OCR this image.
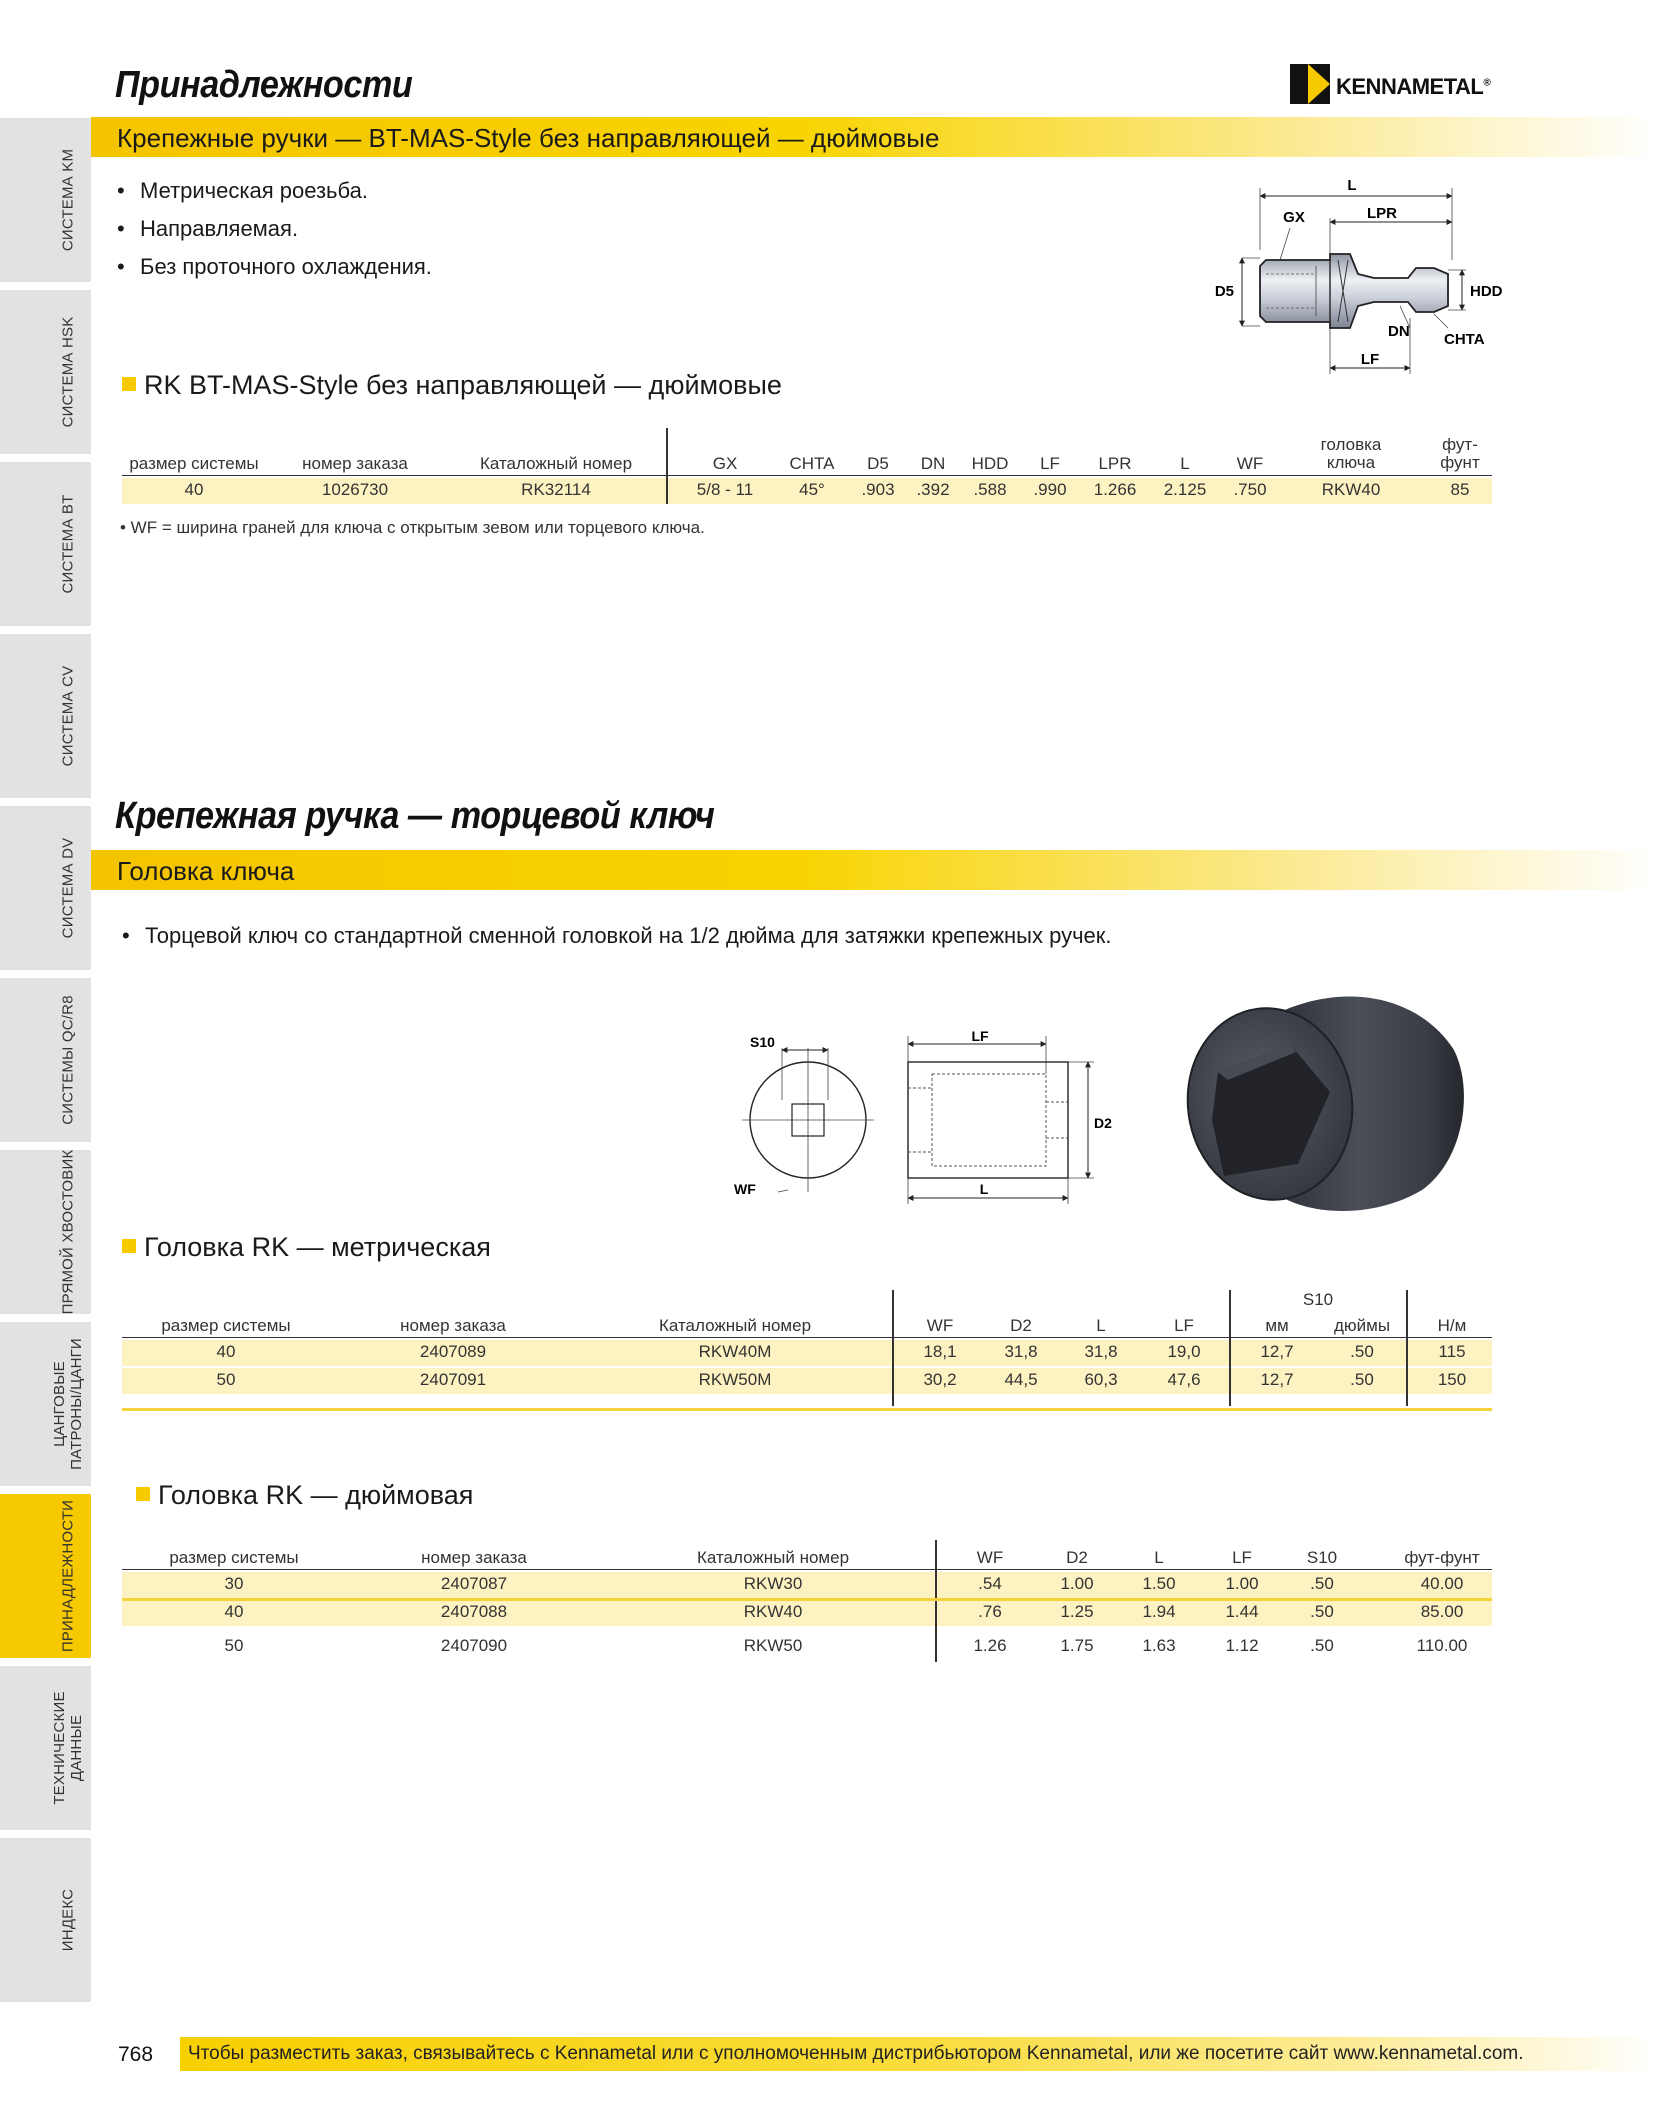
СИСТЕМА KM
СИСТЕМА HSK
СИСТЕМА BT
СИСТЕМА CV
СИСТЕМА DV
СИСТЕМЫ QC/R8
ПРЯМОЙ ХВОСТОВИК
ЦАНГОВЫЕ
ПАТРОНЫ/ЦАНГИ
ПРИНАДЛЕЖНОСТИ
ТЕХНИЧЕСКИЕ
ДАННЫЕ
ИНДЕКС
Принадлежности	KENNAMETAL®
Крепежные ручки — BT-MAS-Style без направляющей — дюймовые
• Метрическая роезьба.
• Направляемая.
• Без проточного охлаждения.
L
GX	LPR
D5	HDD
DN CHTA
LF
RK BT-MAS-Style без направляющей — дюймовые
размер системы	номер заказа	Каталожный номер	GX	CHTA D5 DN HDD LF LPR	L	WF
головка
ключа
фут-
фунт
40	1026730	RK32114	5/8 - 11	45° .903 .392 .588 .990 1.266 2.125 .750	RKW40	85
• WF = ширина граней для ключа с открытым зевом или торцевого ключа.
Крепежная ручка — торцевой ключ
Головка ключа
• Торцевой ключ со стандартной сменной головкой на 1/2 дюйма для затяжки крепежных ручек.
S10
WF
LF
D2
L
Головка RK — метрическая
размер системы	номер заказа	Каталожный номер	WF	D2	L	LF	мм	дюймы	Н/м
S10
40	2407089	RKW40M	18,1	31,8	31,8	19,0	12,7	.50	115
50	2407091	RKW50M	30,2	44,5	60,3	47,6	12,7	.50	150
Головка RK — дюймовая
размер системы	номер заказа	Каталожный номер	WF	D2	L	LF	S10	фут-фунт
30	2407087	RKW30	.54	1.00	1.50	1.00	.50	40.00
40	2407088	RKW40	.76	1.25	1.94	1.44	.50	85.00
50	2407090	RKW50	1.26	1.75	1.63	1.12	.50	110.00
768 Чтобы разместить заказ, связывайтесь с Kennametal или с уполномоченным дистрибьютором Kennametal, или же посетите сайт www.kennametal.com.
